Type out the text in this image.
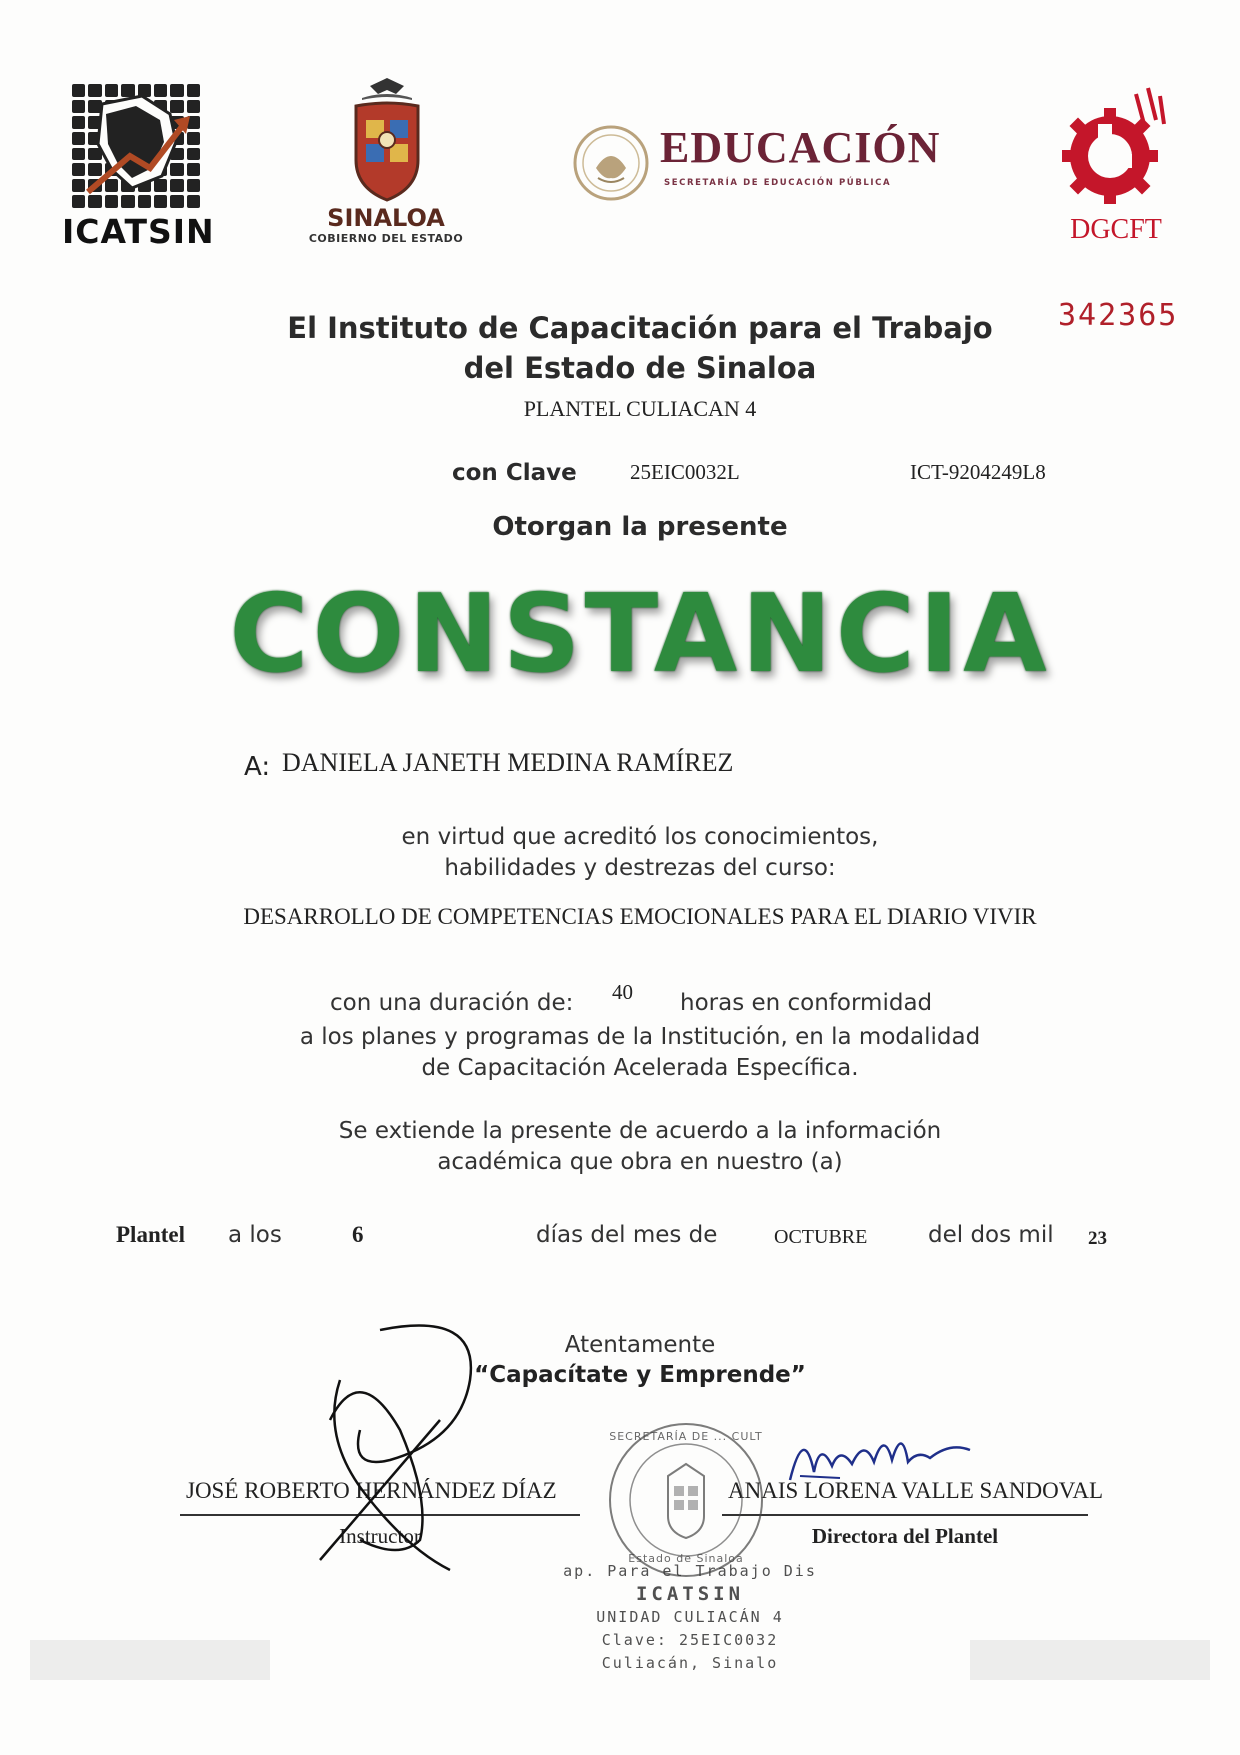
ICATSIN	SINALOA
COBIERNO DEL ESTADO
EDUCACIÓN
SECRETARÍA DE EDUCACIÓN PÚBLICA
DGCFT
342365
El Instituto de Capacitación para el Trabajo
del Estado de Sinaloa
PLANTEL CULIACAN 4
con Clave	25EIC0032L	ICT-9204249L8
Otorgan la presente
CONSTANCIA
A: DANIELA JANETH MEDINA RAMÍREZ
en virtud que acreditó los conocimientos,
habilidades y destrezas del curso:
DESARROLLO DE COMPETENCIAS EMOCIONALES PARA EL DIARIO VIVIR
con una duración de: 40 horas en conformidad
a los planes y programas de la Institución, en la modalidad
de Capacitación Acelerada Específica.
Se extiende la presente de acuerdo a la información
académica que obra en nuestro (a)
Plantel a los	6	días del mes de	OCTUBRE	del dos mil 23
Atentamente
“Capacítate y Emprende”
JOSÉ ROBERTO HERNÁNDEZ DÍAZ
Instructor
ANAIS LORENA VALLE SANDOVAL
Directora del Plantel
SECRETARÍA DE ... CULT
Estado de Sinaloa
ap. Para el Trabajo Dis
ICATSIN
UNIDAD CULIACÁN 4
Clave: 25EIC0032
Culiacán, Sinalo
